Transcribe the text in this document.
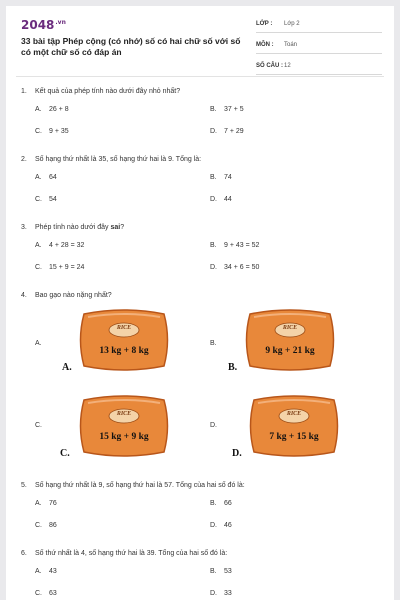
$2048^{.vn}$
33 bài tập Phép cộng (có nhớ) số có hai chữ số với số có một chữ số có đáp án
LỚP : Lớp 2
MÔN : Toán
SỐ CÂU : 12
1. Kết quả của phép tính nào dưới đây nhỏ nhất?
A. 26 + 8	B. 37 + 5
C. 9 + 35	D. 7 + 29
2. Số hạng thứ nhất là 35, số hạng thứ hai là 9. Tổng là:
A. 64	B. 74
C. 54	D. 44
3. Phép tính nào dưới đây sai?
A. 4 + 28 = 32	B. 9 + 43 = 52
C. 15 + 9 = 24	D. 34 + 6 = 50
4. Bao gạo nào nặng nhất?
A.
RICE
13 kg + 8 kg
A.
B.
RICE
9 kg + 21 kg
B.
C.
RICE
15 kg + 9 kg
C.
D.
RICE
7 kg + 15 kg
D.
5. Số hạng thứ nhất là 9, số hạng thứ hai là 57. Tổng của hai số đó là:
A. 76	B. 66
C. 86	D. 46
6. Số thứ nhất là 4, số hạng thứ hai là 39. Tổng của hai số đó là:
A. 43	B. 53
C. 63	D. 33
